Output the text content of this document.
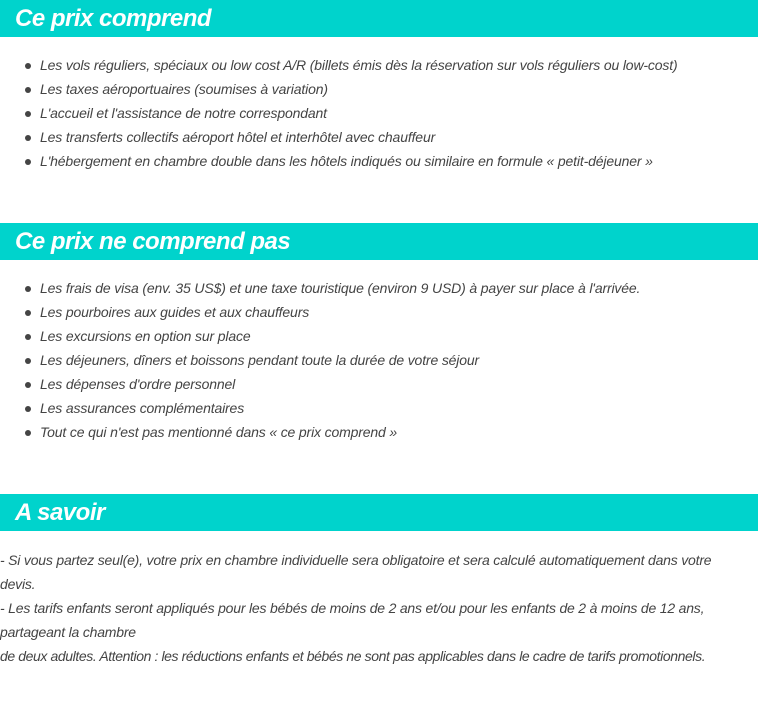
Ce prix comprend
Les vols réguliers, spéciaux ou low cost A/R (billets émis dès la réservation sur vols réguliers ou low-cost)
Les taxes aéroportuaires (soumises à variation)
L'accueil et l'assistance de notre correspondant
Les transferts collectifs aéroport hôtel et interhôtel avec chauffeur
L'hébergement en chambre double dans les hôtels indiqués ou similaire en formule « petit-déjeuner »
Ce prix ne comprend pas
Les frais de visa (env. 35 US$) et une taxe touristique (environ 9 USD) à payer sur place à l'arrivée.
Les pourboires aux guides et aux chauffeurs
Les excursions en option sur place
Les déjeuners, dîners et boissons pendant toute la durée de votre séjour
Les dépenses d'ordre personnel
Les assurances complémentaires
Tout ce qui n'est pas mentionné dans « ce prix comprend »
A savoir

- Si vous partez seul(e), votre prix en chambre individuelle sera obligatoire et sera calculé automatiquement dans votre

devis.

- Les tarifs enfants seront appliqués pour les bébés de moins de 2 ans et/ou pour les enfants de 2 à moins de 12 ans,

partageant la chambre

de deux adultes. Attention : les réductions enfants et bébés ne sont pas applicables dans le cadre de tarifs promotionnels.
